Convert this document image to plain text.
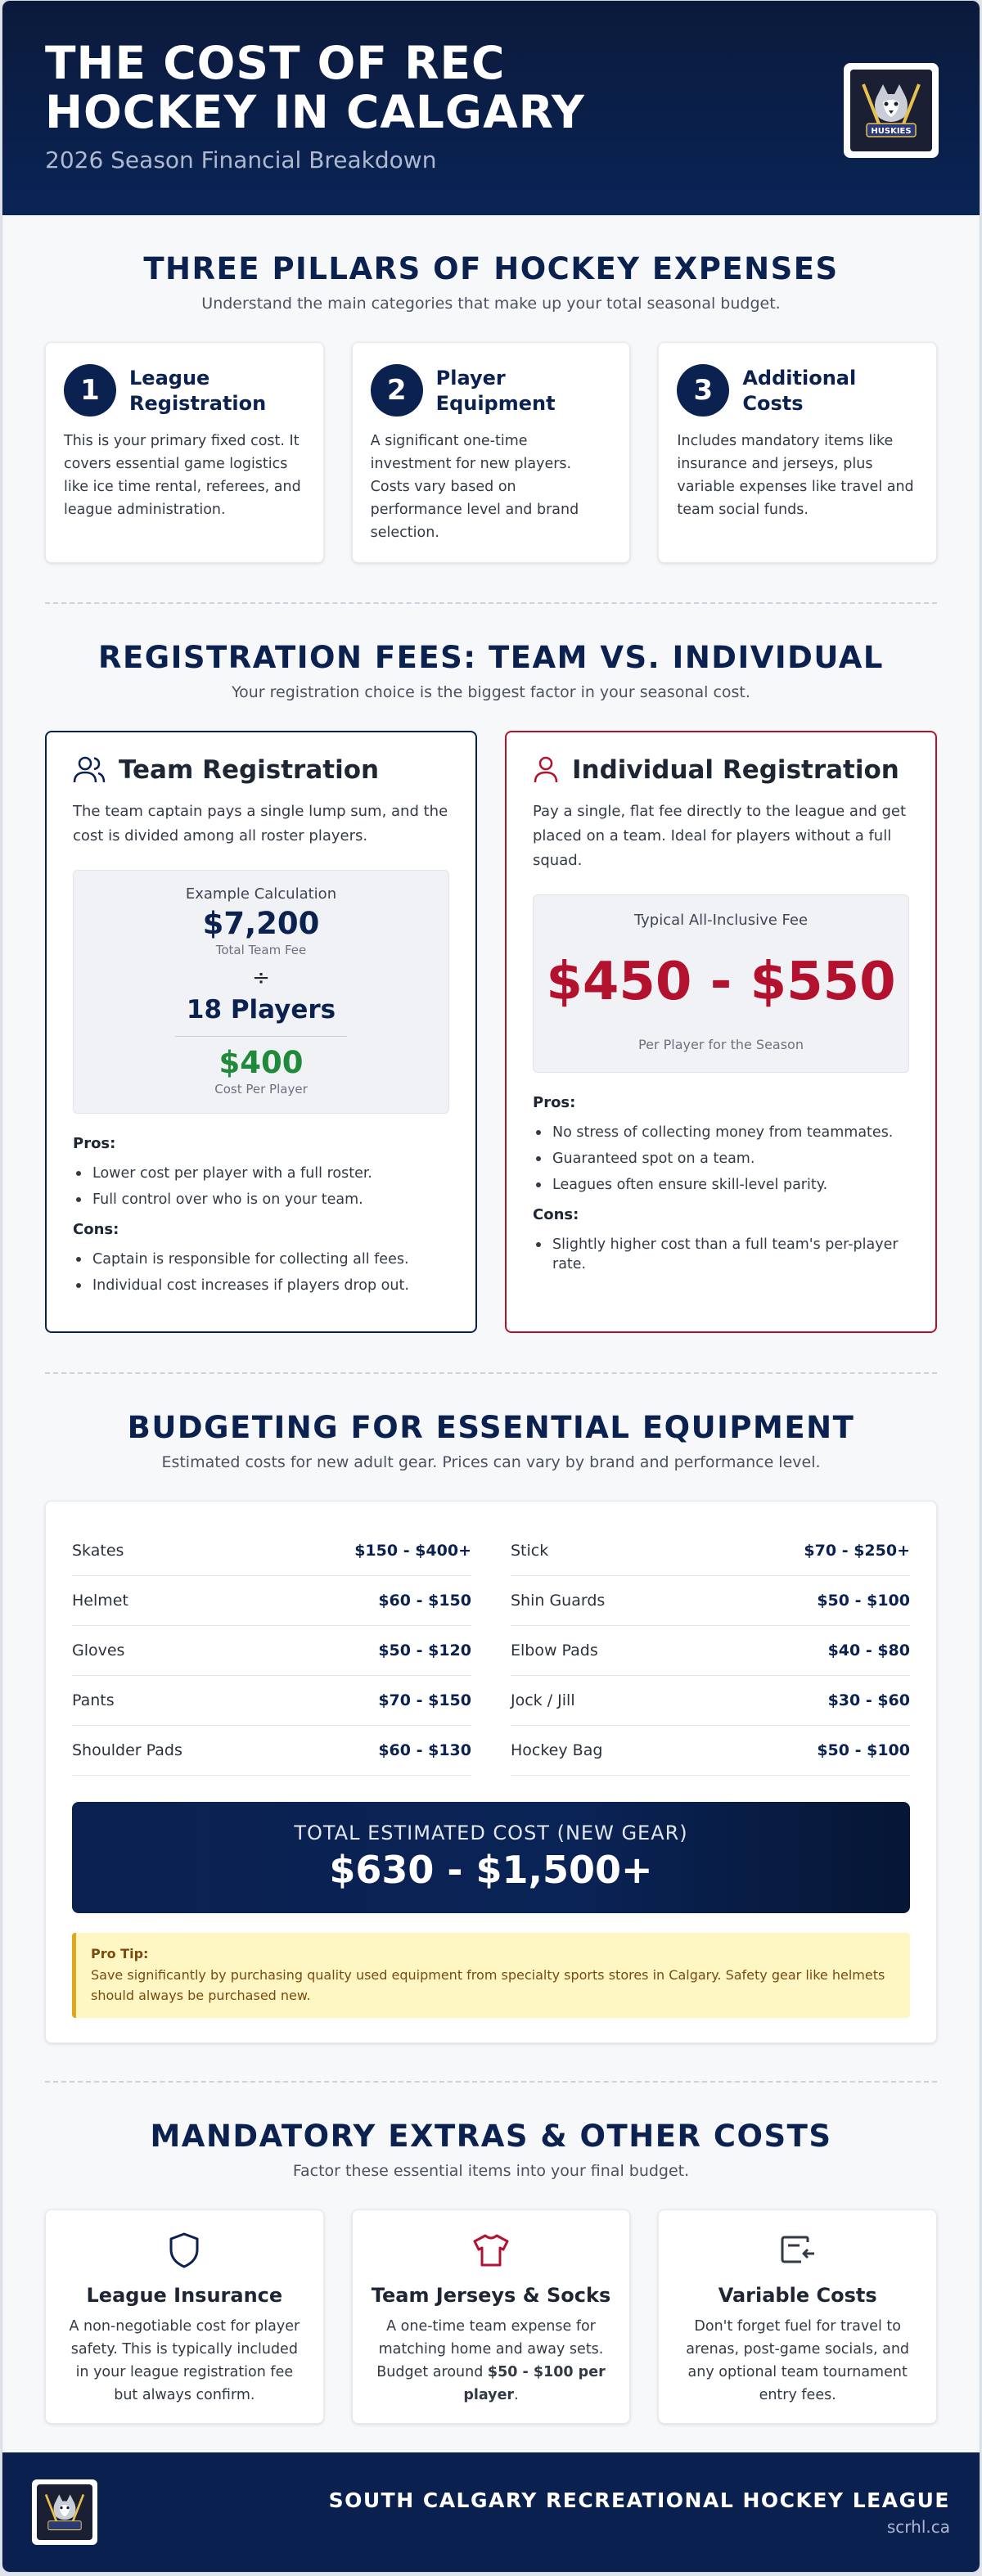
THE COST OF REC HOCKEY IN CALGARY
2026 Season Financial Breakdown
HUSKIES
THREE PILLARS OF HOCKEY EXPENSES
Understand the main categories that make up your total seasonal budget.
1	League Registration
This is your primary fixed cost. It covers essential game logistics like ice time rental, referees, and league administration.
2	Player Equipment
A significant one-time investment for new players. Costs vary based on performance level and brand selection.
3	Additional Costs
Includes mandatory items like insurance and jerseys, plus variable expenses like travel and team social funds.
REGISTRATION FEES: TEAM VS. INDIVIDUAL
Your registration choice is the biggest factor in your seasonal cost.
Team Registration
The team captain pays a single lump sum, and the cost is divided among all roster players.
Example Calculation
$7,200
Total Team Fee
÷
18 Players
$400
Cost Per Player
Pros:
Lower cost per player with a full roster.
Full control over who is on your team.
Cons:
Captain is responsible for collecting all fees.
Individual cost increases if players drop out.
Individual Registration
Pay a single, flat fee directly to the league and get placed on a team. Ideal for players without a full squad.
Typical All-Inclusive Fee
$450 - $550
Per Player for the Season
Pros:
No stress of collecting money from teammates.
Guaranteed spot on a team.
Leagues often ensure skill-level parity.
Cons:
Slightly higher cost than a full team's per-player rate.
BUDGETING FOR ESSENTIAL EQUIPMENT
Estimated costs for new adult gear. Prices can vary by brand and performance level.
Skates	$150 - $400+
Helmet	$60 - $150
Gloves	$50 - $120
Pants	$70 - $150
Shoulder Pads	$60 - $130
Stick	$70 - $250+
Shin Guards	$50 - $100
Elbow Pads	$40 - $80
Jock / Jill	$30 - $60
Hockey Bag	$50 - $100
TOTAL ESTIMATED COST (NEW GEAR)
$630 - $1,500+
Pro Tip:
Save significantly by purchasing quality used equipment from specialty sports stores in Calgary. Safety gear like helmets should always be purchased new.
MANDATORY EXTRAS & OTHER COSTS
Factor these essential items into your final budget.
League Insurance

A non-negotiable cost for player safety. This is typically included in your league registration fee but always confirm.

Team Jerseys & Socks

A one-time team expense for matching home and away sets. Budget around $50 - $100 per player.

Variable Costs

Don't forget fuel for travel to arenas, post-game socials, and any optional team tournament entry fees.

SOUTH CALGARY RECREATIONAL HOCKEY LEAGUE
scrhl.ca
